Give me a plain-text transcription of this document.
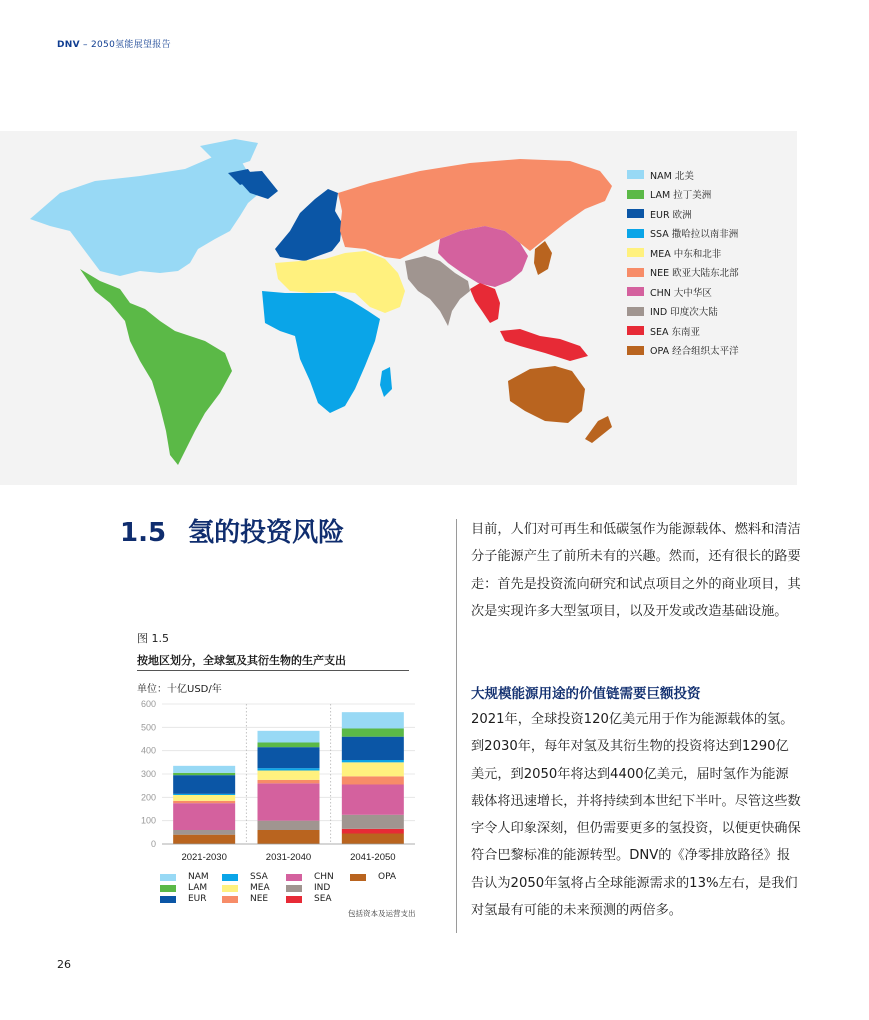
DNV – 2050氢能展望报告
NAM 北美
LAM 拉丁美洲
EUR 欧洲
SSA 撒哈拉以南非洲
MEA 中东和北非
NEE 欧亚大陆东北部
CHN 大中华区
IND 印度次大陆
SEA 东南亚
OPA 经合组织太平洋
1.5 氢的投资风险	目前，人们对可再生和低碳氢作为能源载体、燃料和清洁分子能源产生了前所未有的兴趣。然而，还有很长的路要走：首先是投资流向研究和试点项目之外的商业项目，其次是实现许多大型氢项目，以及开发或改造基础设施。

大规模能源用途的价值链需要巨额投资

2021年，全球投资120亿美元用于作为能源载体的氢。到2030年，每年对氢及其衍生物的投资将达到1290亿美元，到2050年将达到4400亿美元，届时氢作为能源载体将迅速增长，并将持续到本世纪下半叶。尽管这些数字令人印象深刻，但仍需要更多的氢投资，以便更快确保符合巴黎标准的能源转型。DNV的《净零排放路径》报告认为2050年氢将占全球能源需求的13%左右，是我们对氢最有可能的未来预测的两倍多。

图 1.5
按地区划分，全球氢及其衍生物的生产支出
单位：十亿USD/年
0
100
200
300
400
500
600
2021-2030	2031-2040	2041-2050
NAM
LAM
EUR
SSA
MEA
NEE
CHN
IND
SEA
OPA
包括资本及运营支出
26
